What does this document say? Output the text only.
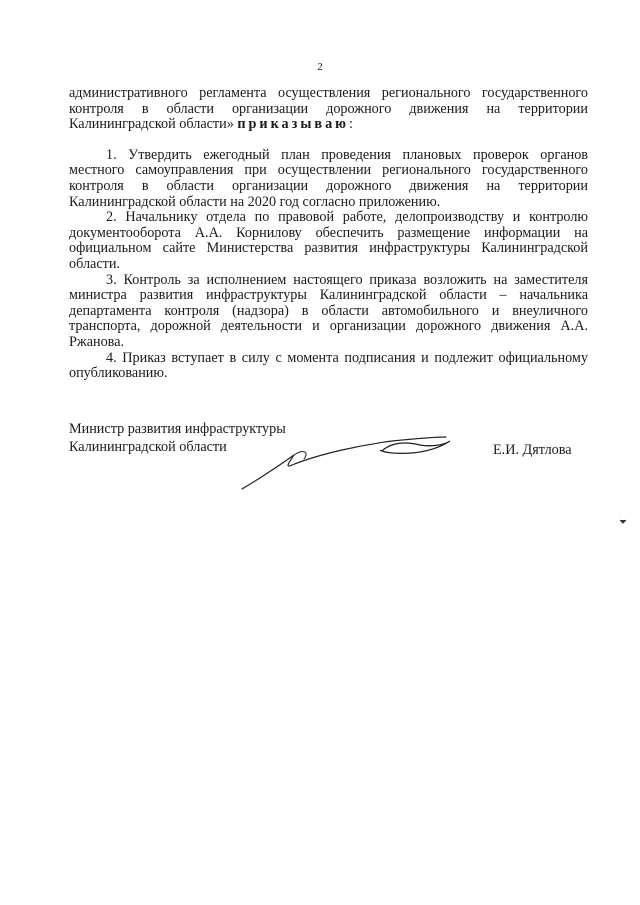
2

административного регламента осуществления регионального государственного контроля в области организации дорожного движения на территории Калининградской области» приказываю:

1. Утвердить ежегодный план проведения плановых проверок органов местного самоуправления при осуществлении регионального государственного контроля в области организации дорожного движения на территории Калининградской области на 2020 год согласно приложению.

2. Начальнику отдела по правовой работе, делопроизводству и контролю документооборота А.А. Корнилову обеспечить размещение информации на официальном сайте Министерства развития инфраструктуры Калининградской области.

3. Контроль за исполнением настоящего приказа возложить на заместителя министра развития инфраструктуры Калининградской области – начальника департамента контроля (надзора) в области автомобильного и внеуличного транспорта, дорожной деятельности и организации дорожного движения А.А. Ржанова.

4. Приказ вступает в силу с момента подписания и подлежит официальному опубликованию.

Министр развития инфраструктуры
Калининградской области	Е.И. Дятлова
